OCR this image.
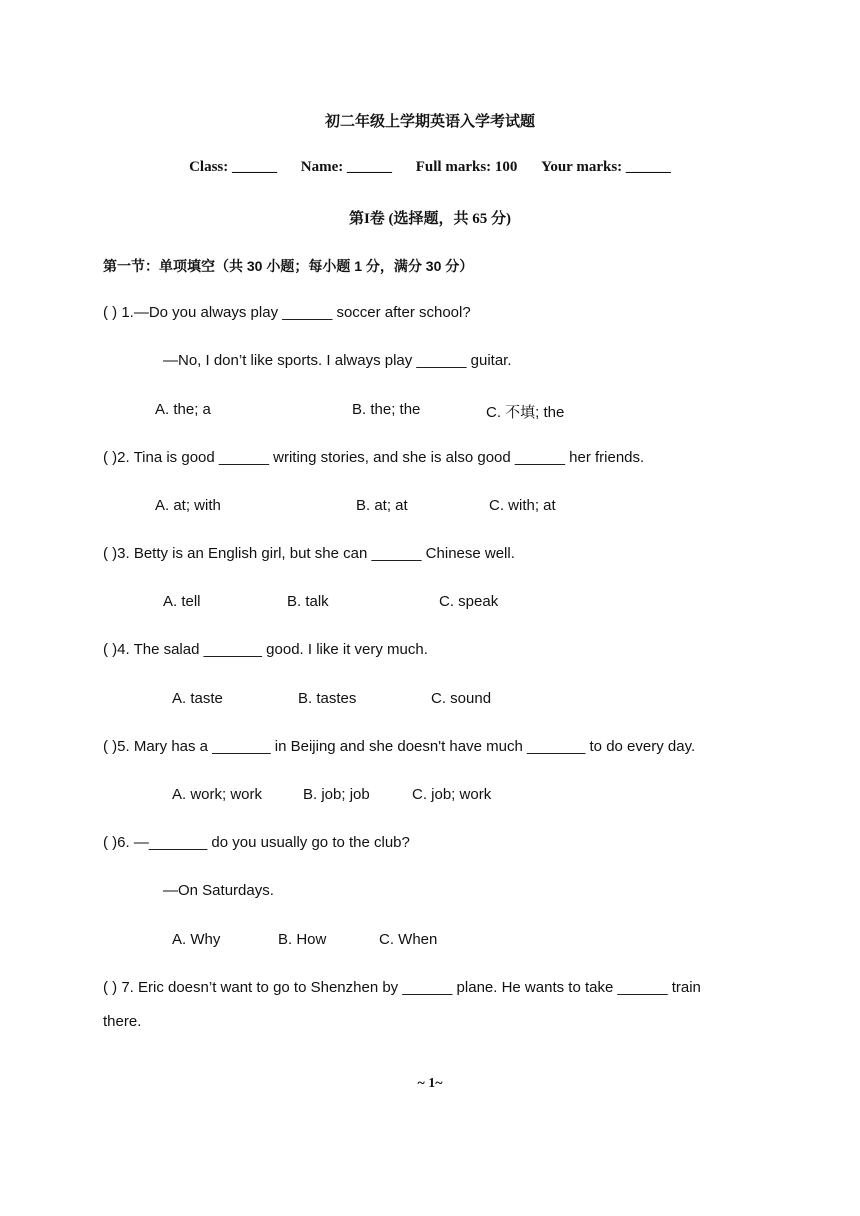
初二年级上学期英语入学考试题
Class: ______ Name: ______ Full marks: 100 Your marks: ______
第I卷 (选择题，共 65 分)
第一节：单项填空（共 30 小题；每小题 1 分，满分 30 分）
( ) 1.—Do you always play ______ soccer after school?
—No, I don’t like sports. I always play ______ guitar.
A. the; a	B. the; the	C. 不填; the
( )2. Tina is good ______ writing stories, and she is also good ______ her friends.
A. at; with	B. at; at	C. with; at
( )3. Betty is an English girl, but she can ______ Chinese well.
A. tell	B. talk	C. speak
( )4. The salad _______ good. I like it very much.
A. taste	B. tastes	C. sound
( )5. Mary has a _______ in Beijing and she doesn't have much _______ to do every day.
A. work; work	B. job; job	C. job; work
( )6. —_______ do you usually go to the club?
—On Saturdays.
A. Why	B. How	C. When
( ) 7. Eric doesn’t want to go to Shenzhen by ______ plane. He wants to take ______ train
there.
~ 1~
